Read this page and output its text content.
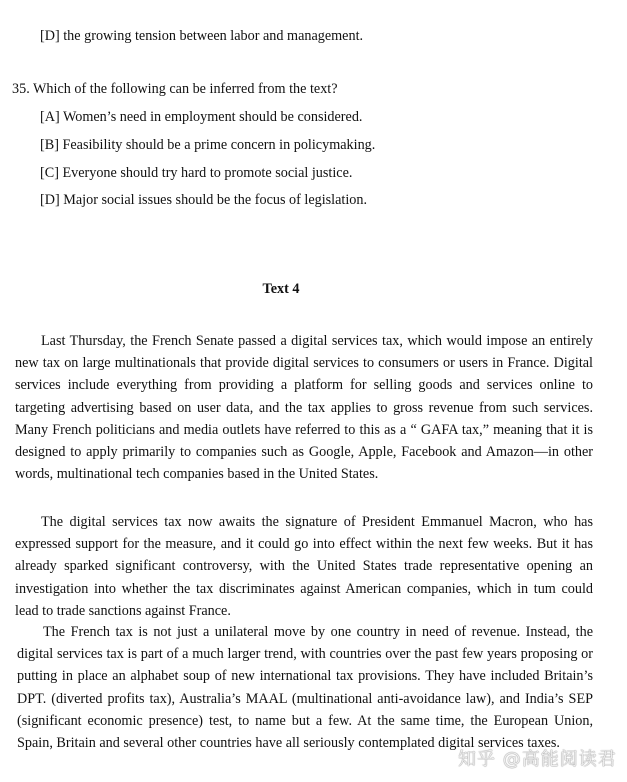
[D] the growing tension between labor and management.
35. Which of the following can be inferred from the text?
[A] Women’s need in employment should be considered.
[B] Feasibility should be a prime concern in policymaking.
[C] Everyone should try hard to promote social justice.
[D] Major social issues should be the focus of legislation.
Text 4
Last Thursday, the French Senate passed a digital services tax, which would impose an entirely new tax on large multinationals that provide digital services to consumers or users in France. Digital services include everything from providing a platform for selling goods and services online to targeting advertising based on user data, and the tax applies to gross revenue from such services. Many French politicians and media outlets have referred to this as a “ GAFA tax,” meaning that it is designed to apply primarily to companies such as Google, Apple, Facebook and Amazon—in other words, multinational tech companies based in the United States.
The digital services tax now awaits the signature of President Emmanuel Macron, who has expressed support for the measure, and it could go into effect within the next few weeks. But it has already sparked significant controversy, with the United States trade representative opening an investigation into whether the tax discriminates against American companies, which in tum could lead to trade sanctions against France.
The French tax is not just a unilateral move by one country in need of revenue. Instead, the digital services tax is part of a much larger trend, with countries over the past few years proposing or putting in place an alphabet soup of new international tax provisions. They have included Britain’s DPT. (diverted profits tax), Australia’s MAAL (multinational anti-avoidance law), and India’s SEP (significant economic presence) test, to name but a few. At the same time, the European Union, Spain, Britain and several other countries have all seriously contemplated digital services taxes.
知乎 @高能阅读君
